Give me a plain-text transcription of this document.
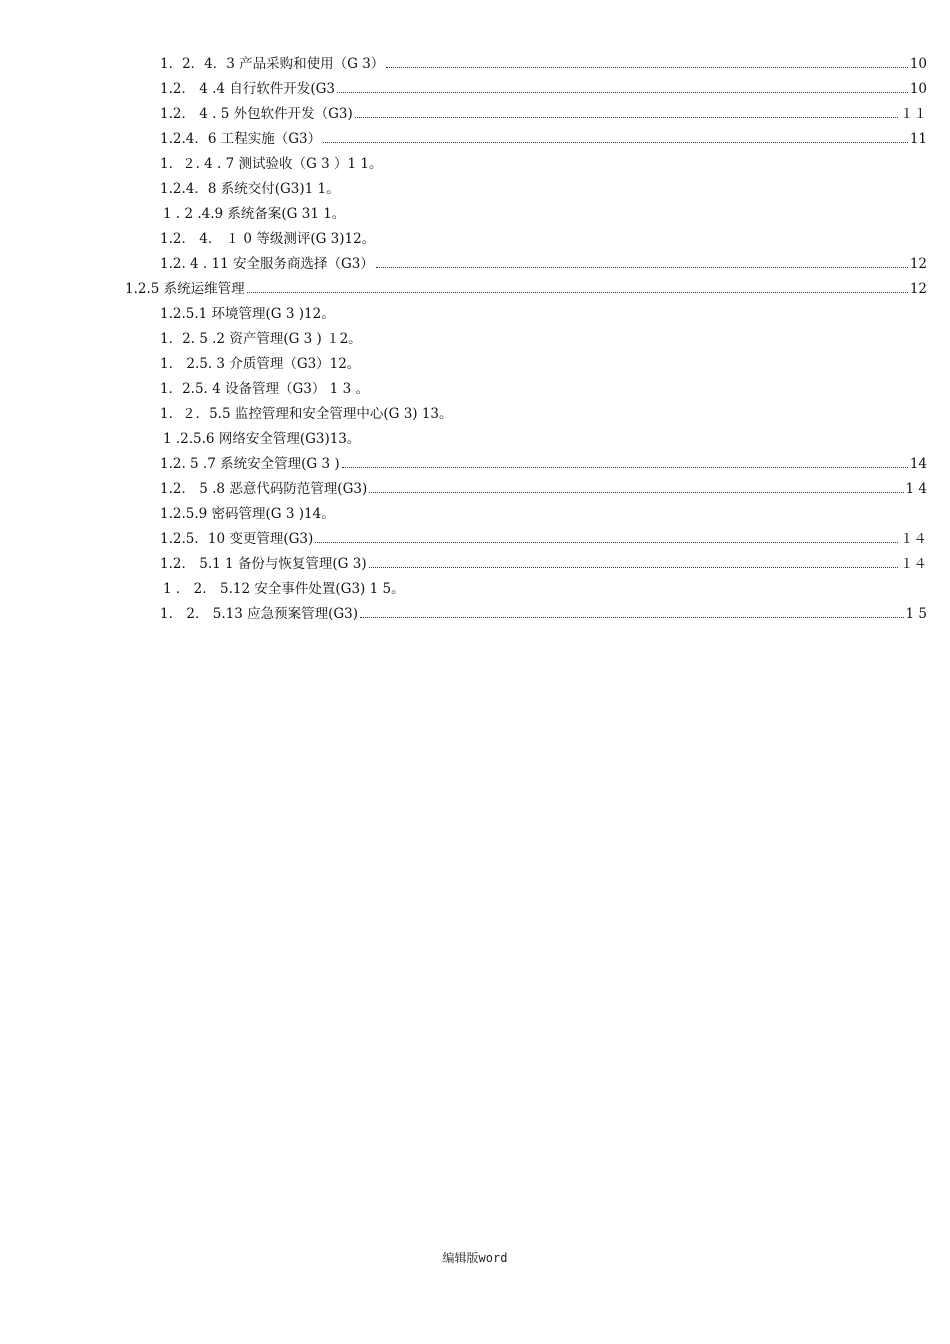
1．2．4．3 产品采购和使用（G 3）	10
1.2． 4 .4 自行软件开发(G3	10
1.2． 4 . 5 外包软件开发（G3)	１１
1.2.4．6 工程实施（G3）	11
1．２. 4 . 7 测试验收（G 3 ）1 1。
1.2.4．8 系统交付(G3)1 1。
1 . 2 .4.9 系统备案(G 31 1。
1.2． 4． １ 0 等级测评(G 3)12。
1.2. 4 . 11 安全服务商选择（G3）	12
1.2.5 系统运维管理	12
1.2.5.1 环境管理(G 3 )12。
1．2. 5 .2 资产管理(G 3 ) １2。
1． 2.5. 3 介质管理（G3）12。
1．2.5. 4 设备管理（G3） 1 3 。
1．２．5.5 监控管理和安全管理中心(G 3) 13。
1 .2.5.6 网络安全管理(G3)13。
1.2. 5 .7 系统安全管理(G 3 )	14
1.2． 5 .8 恶意代码防范管理(G3)	1 4
1.2.5.9 密码管理(G 3 )14。
1.2.5．10 变更管理(G3)	１４
1.2． 5.1 1 备份与恢复管理(G 3)	１４
1 ． 2． 5.12 安全事件处置(G3) 1 5。
1． 2． 5.13 应急预案管理(G3)	1 5
编辑版word
